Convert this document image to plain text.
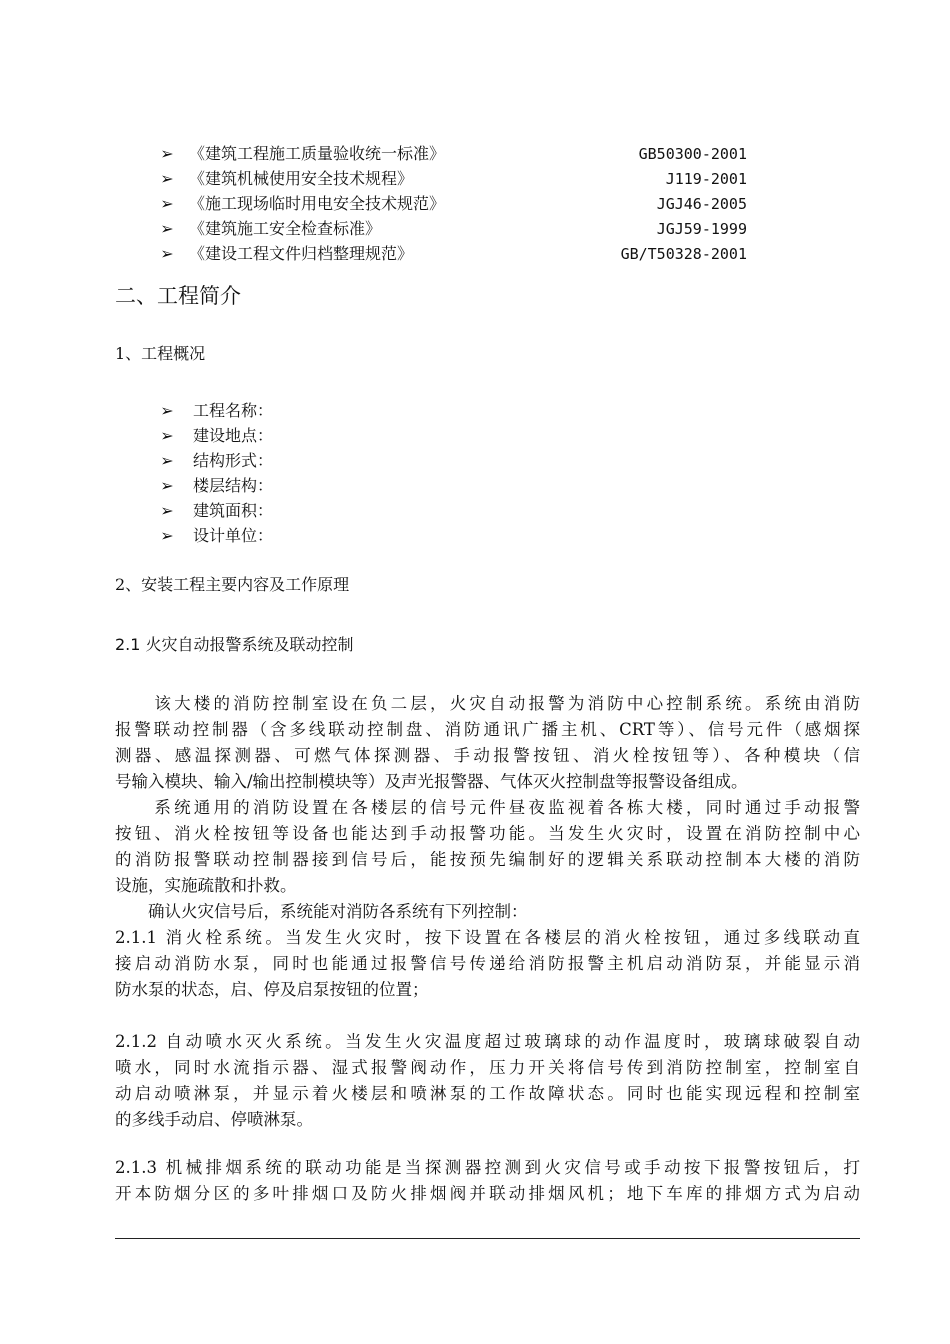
➢ 《建筑工程施工质量验收统一标准》	GB50300-2001
➢ 《建筑机械使用安全技术规程》	J119-2001
➢ 《施工现场临时用电安全技术规范》	JGJ46-2005
➢ 《建筑施工安全检查标准》	JGJ59-1999
➢ 《建设工程文件归档整理规范》	GB/T50328-2001
二、工程简介
1、工程概况
➢ 工程名称：
➢ 建设地点：
➢ 结构形式：
➢ 楼层结构：
➢ 建筑面积：
➢ 设计单位：
2、安装工程主要内容及工作原理
2.1 火灾自动报警系统及联动控制
　　该大楼的消防控制室设在负二层，火灾自动报警为消防中心控制系统。系统由消防
报警联动控制器（含多线联动控制盘、消防通讯广播主机、CRT等）、信号元件（感烟探
测器、感温探测器、可燃气体探测器、手动报警按钮、消火栓按钮等）、各种模块（信
号输入模块、输入/输出控制模块等）及声光报警器、气体灭火控制盘等报警设备组成。
　　系统通用的消防设置在各楼层的信号元件昼夜监视着各栋大楼，同时通过手动报警
按钮、消火栓按钮等设备也能达到手动报警功能。当发生火灾时，设置在消防控制中心
的消防报警联动控制器接到信号后，能按预先编制好的逻辑关系联动控制本大楼的消防
设施，实施疏散和扑救。
　　确认火灾信号后，系统能对消防各系统有下列控制：
2.1.1 消火栓系统。当发生火灾时，按下设置在各楼层的消火栓按钮，通过多线联动直
接启动消防水泵，同时也能通过报警信号传递给消防报警主机启动消防泵，并能显示消
防水泵的状态，启、停及启泵按钮的位置；
2.1.2 自动喷水灭火系统。当发生火灾温度超过玻璃球的动作温度时，玻璃球破裂自动
喷水，同时水流指示器、湿式报警阀动作，压力开关将信号传到消防控制室，控制室自
动启动喷淋泵，并显示着火楼层和喷淋泵的工作故障状态。同时也能实现远程和控制室
的多线手动启、停喷淋泵。
2.1.3 机械排烟系统的联动功能是当探测器控测到火灾信号或手动按下报警按钮后，打
开本防烟分区的多叶排烟口及防火排烟阀并联动排烟风机；地下车库的排烟方式为启动
